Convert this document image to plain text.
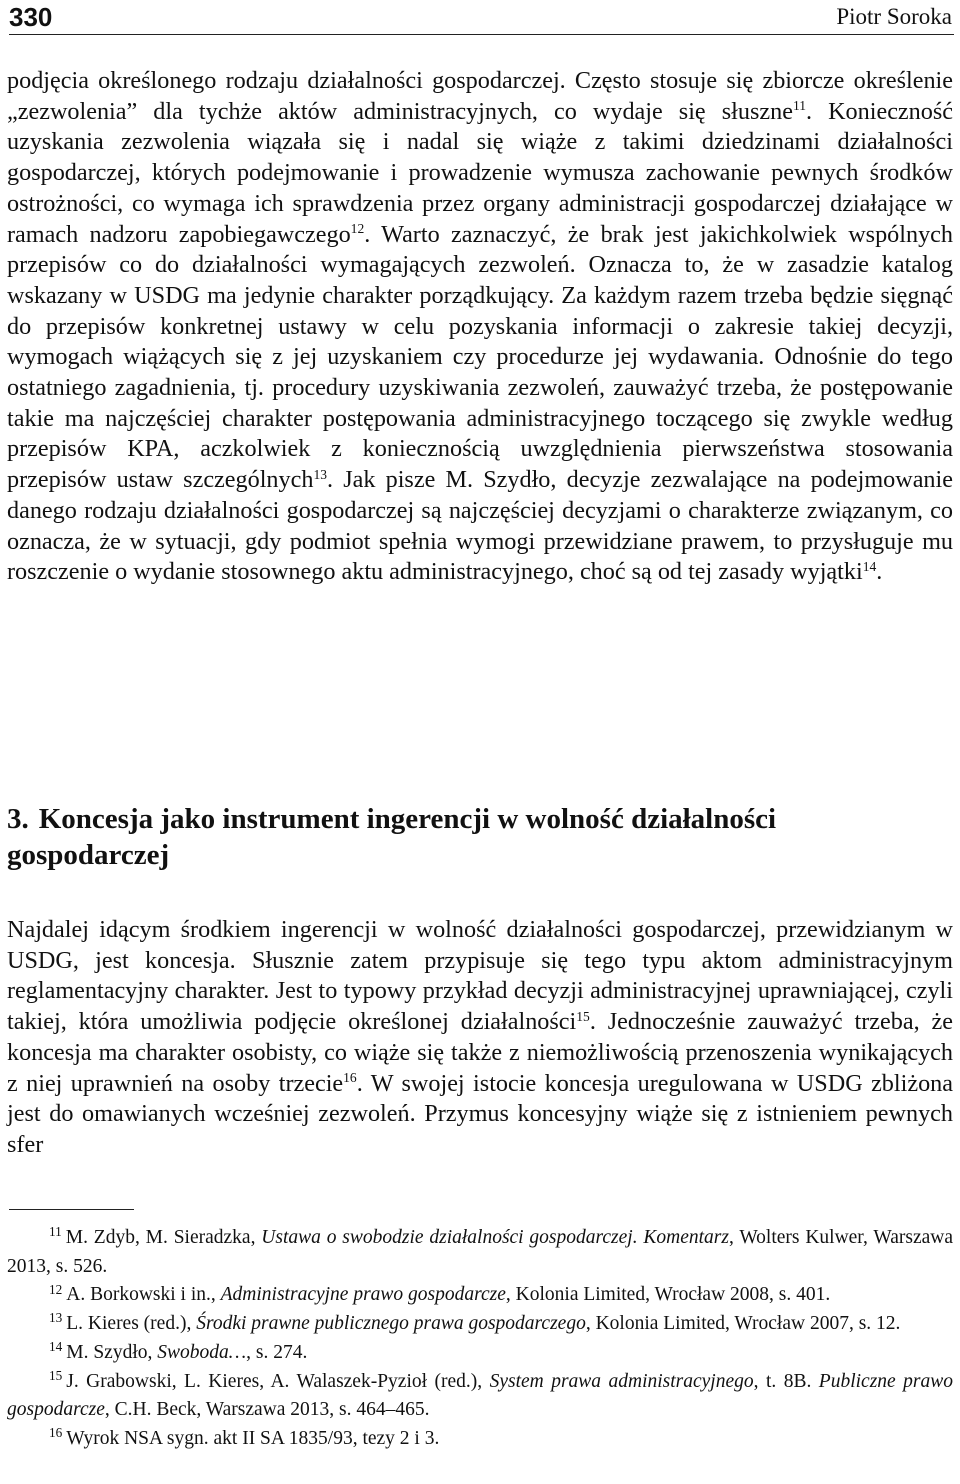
330	Piotr Soroka

podjęcia określonego rodzaju działalności gospodarczej. Często stosuje się zbiorcze określenie „zezwolenia” dla tychże aktów administracyjnych, co wydaje się słuszne$^{11}$. Konieczność uzyskania zezwolenia wiązała się i nadal się wiąże z takimi dziedzinami działalności gospodarczej, których podejmowanie i prowadzenie wymusza zachowanie pewnych środków ostrożności, co wymaga ich sprawdzenia przez organy administracji gospodarczej działające w ramach nadzoru zapobiegawczego$^{12}$. Warto zaznaczyć, że brak jest jakichkolwiek wspólnych przepisów co do działalności wymagających zezwoleń. Oznacza to, że w zasadzie katalog wskazany w USDG ma jedynie charakter porządkujący. Za każdym razem trzeba będzie sięgnąć do przepisów konkretnej ustawy w celu pozyskania informacji o zakresie takiej decyzji, wymogach wiążących się z jej uzyskaniem czy procedurze jej wydawania. Odnośnie do tego ostatniego zagadnienia, tj. procedury uzyskiwania zezwoleń, zauważyć trzeba, że postępowanie takie ma najczęściej charakter postępowania administracyjnego toczącego się zwykle według przepisów KPA, aczkolwiek z koniecznością uwzględnienia pierwszeństwa stosowania przepisów ustaw szczególnych$^{13}$. Jak pisze M. Szydło, decyzje zezwalające na podejmowanie danego rodzaju działalności gospodarczej są najczęściej decyzjami o charakterze związanym, co oznacza, że w sytuacji, gdy podmiot spełnia wymogi przewidziane prawem, to przysługuje mu roszczenie o wydanie stosownego aktu administracyjnego, choć są od tej zasady wyjątki$^{14}$.

3. Koncesja jako instrument ingerencji w wolność działalności gospodarczej

Najdalej idącym środkiem ingerencji w wolność działalności gospodarczej, przewidzianym w USDG, jest koncesja. Słusznie zatem przypisuje się tego typu aktom administracyjnym reglamentacyjny charakter. Jest to typowy przykład decyzji administracyjnej uprawniającej, czyli takiej, która umożliwia podjęcie określonej działalności$^{15}$. Jednocześnie zauważyć trzeba, że koncesja ma charakter osobisty, co wiąże się także z niemożliwością przenoszenia wynikających z niej uprawnień na osoby trzecie$^{16}$. W swojej istocie koncesja uregulowana w USDG zbliżona jest do omawianych wcześniej zezwoleń. Przymus koncesyjny wiąże się z istnieniem pewnych sfer

$^{11}$ M. Zdyb, M. Sieradzka, Ustawa o swobodzie działalności gospodarczej. Komentarz, Wolters Kulwer, Warszawa 2013, s. 526.

$^{12}$ A. Borkowski i in., Administracyjne prawo gospodarcze, Kolonia Limited, Wrocław 2008, s. 401.

$^{13}$ L. Kieres (red.), Środki prawne publicznego prawa gospodarczego, Kolonia Limited, Wrocław 2007, s. 12.

$^{14}$ M. Szydło, Swoboda…, s. 274.

$^{15}$ J. Grabowski, L. Kieres, A. Walaszek-Pyzioł (red.), System prawa administracyjnego, t. 8B. Publiczne prawo gospodarcze, C.H. Beck, Warszawa 2013, s. 464–465.

$^{16}$ Wyrok NSA sygn. akt II SA 1835/93, tezy 2 i 3.
